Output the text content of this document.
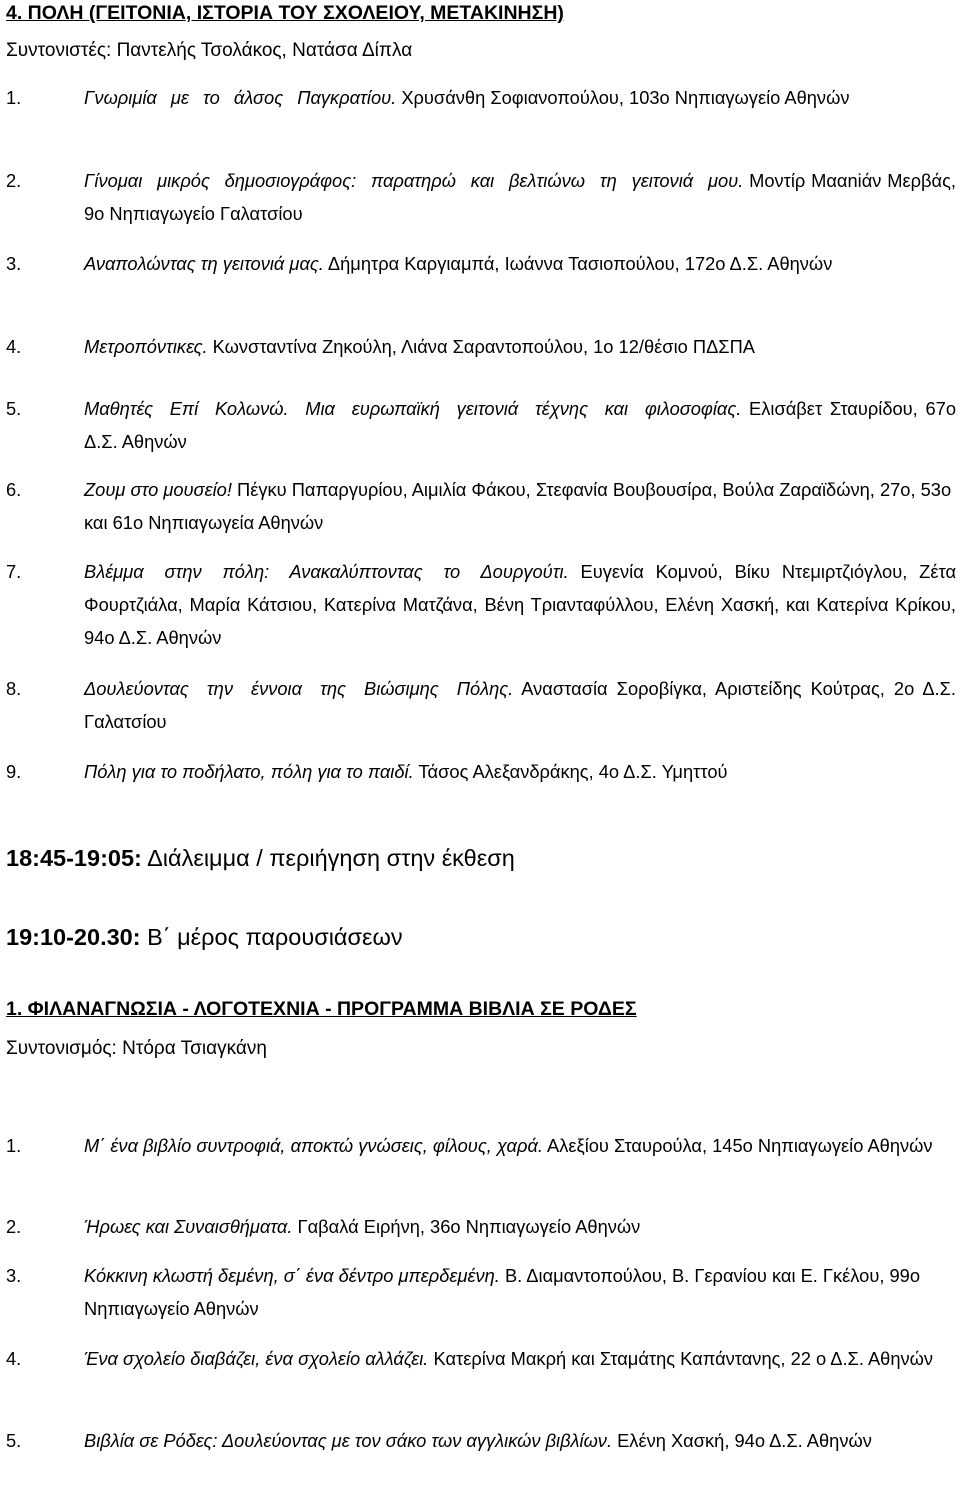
4. ΠΟΛΗ (ΓΕΙΤΟΝΙΑ, ΙΣΤΟΡΙΑ ΤΟΥ ΣΧΟΛΕΙΟΥ, ΜΕΤΑΚΙΝΗΣΗ)
Συντονιστές: Παντελής Τσολάκος, Νατάσα Δίπλα
1.	Γνωριμία με το άλσος Παγκρατίου. Χρυσάνθη Σοφιανοπούλου, 103ο Νηπιαγωγείο Αθηνών
2.	Γίνομαι μικρός δημοσιογράφος: παρατηρώ και βελτιώνω τη γειτονιά μου. Μοντίρ Μααniάν Μερβάς, 9ο Νηπιαγωγείο Γαλατσίου
3.	Αναπολώντας τη γειτονιά μας. Δήμητρα Καργιαμπά, Ιωάννα Τασιοπούλου, 172ο Δ.Σ. Αθηνών
4.	Μετροπόντικες. Κωνσταντίνα Ζηκούλη, Λιάνα Σαραντοπούλου, 1ο 12/θέσιο ΠΔΣΠΑ
5.	Μαθητές Επί Κολωνώ. Μια ευρωπαϊκή γειτονιά τέχνης και φιλοσοφίας. Ελισάβετ Σταυρίδου, 67ο Δ.Σ. Αθηνών
6.	Ζουμ στο μουσείο! Πέγκυ Παπαργυρίου, Αιμιλία Φάκου, Στεφανία Βουβουσίρα, Βούλα Ζαραϊδώνη, 27ο, 53ο και 61ο Νηπιαγωγεία Αθηνών
7.	Βλέμμα στην πόλη: Ανακαλύπτοντας το Δουργούτι. Ευγενία Κομνού, Βίκυ Ντεμιρτζιόγλου, Ζέτα Φουρτζιάλα, Μαρία Κάτσιου, Κατερίνα Ματζάνα, Βένη Τριανταφύλλου, Ελένη Χασκή, και Κατερίνα Κρίκου, 94ο Δ.Σ. Αθηνών
8.	Δουλεύοντας την έννοια της Βιώσιμης Πόλης. Αναστασία Σοροβίγκα, Αριστείδης Κούτρας, 2ο Δ.Σ. Γαλατσίου
9.	Πόλη για το ποδήλατο, πόλη για το παιδί. Τάσος Αλεξανδράκης, 4ο Δ.Σ. Υμηττού
18:45-19:05: Διάλειμμα / περιήγηση στην έκθεση
19:10-20.30: Β΄ μέρος παρουσιάσεων
1. ΦΙΛΑΝΑΓΝΩΣΙΑ - ΛΟΓΟΤΕΧΝΙΑ - ΠΡΟΓΡΑΜΜΑ ΒΙΒΛΙΑ ΣΕ ΡΟΔΕΣ
Συντονισμός: Ντόρα Τσιαγκάνη
1.	Μ΄ ένα βιβλίο συντροφιά, αποκτώ γνώσεις, φίλους, χαρά. Αλεξίου Σταυρούλα, 145ο Νηπιαγωγείο Αθηνών
2.	Ήρωες και Συναισθήματα. Γαβαλά Ειρήνη, 36ο Νηπιαγωγείο Αθηνών
3.	Κόκκινη κλωστή δεμένη, σ΄ ένα δέντρο μπερδεμένη. Β. Διαμαντοπούλου, Β. Γερανίου και Ε. Γκέλου, 99ο Νηπιαγωγείο Αθηνών
4.	Ένα σχολείο διαβάζει, ένα σχολείο αλλάζει. Κατερίνα Μακρή και Σταμάτης Καπάντανης, 22 ο Δ.Σ. Αθηνών
5.	Βιβλία σε Ρόδες: Δουλεύοντας με τον σάκο των αγγλικών βιβλίων. Ελένη Χασκή, 94ο Δ.Σ. Αθηνών
